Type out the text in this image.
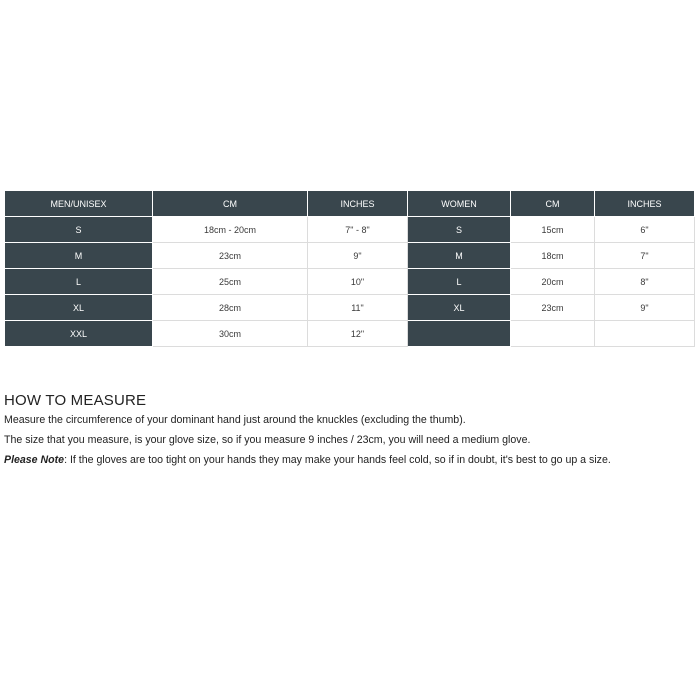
MEN/UNISEX	CM	INCHES	WOMEN	CM	INCHES
S	18cm - 20cm	7" - 8"	S	15cm	6"
M	23cm	9"	M	18cm	7"
L	25cm	10"	L	20cm	8"
XL	28cm	11"	XL	23cm	9"
XXL	30cm	12"			
HOW TO MEASURE

Measure the circumference of your dominant hand just around the knuckles (excluding the thumb).

The size that you measure, is your glove size, so if you measure 9 inches / 23cm, you will need a medium glove.

Please Note: If the gloves are too tight on your hands they may make your hands feel cold, so if in doubt, it's best to go up a size.
